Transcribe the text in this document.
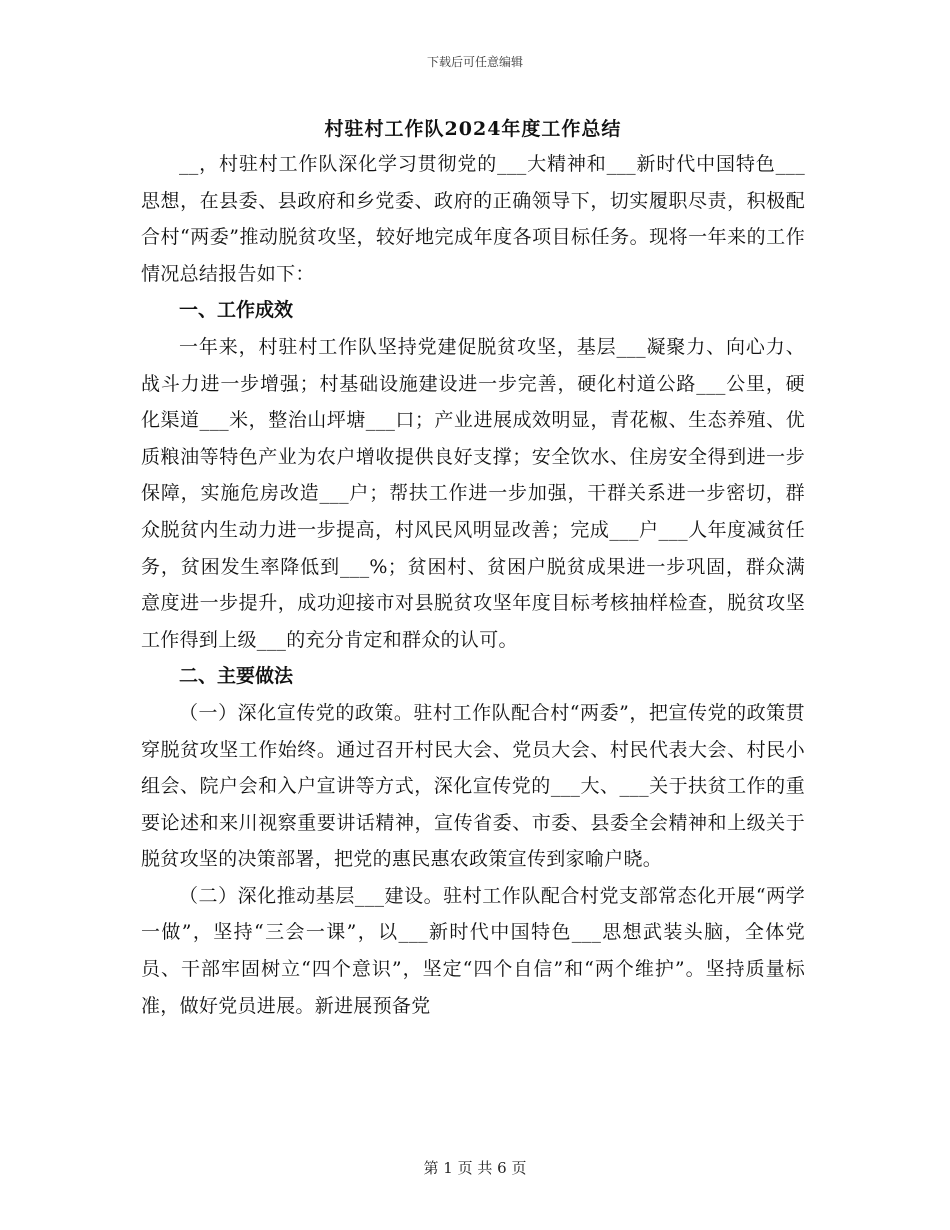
下载后可任意编辑
村驻村工作队2024年度工作总结

__，村驻村工作队深化学习贯彻党的___大精神和___新时代中国特色___思想，在县委、县政府和乡党委、政府的正确领导下，切实履职尽责，积极配合村“两委”推动脱贫攻坚，较好地完成年度各项目标任务。现将一年来的工作情况总结报告如下：

一、工作成效

一年来，村驻村工作队坚持党建促脱贫攻坚，基层___凝聚力、向心力、战斗力进一步增强；村基础设施建设进一步完善，硬化村道公路___公里，硬化渠道___米，整治山坪塘___口；产业进展成效明显，青花椒、生态养殖、优质粮油等特色产业为农户增收提供良好支撑；安全饮水、住房安全得到进一步保障，实施危房改造___户；帮扶工作进一步加强，干群关系进一步密切，群众脱贫内生动力进一步提高，村风民风明显改善；完成___户___人年度减贫任务，贫困发生率降低到___%；贫困村、贫困户脱贫成果进一步巩固，群众满意度进一步提升，成功迎接市对县脱贫攻坚年度目标考核抽样检查，脱贫攻坚工作得到上级___的充分肯定和群众的认可。

二、主要做法

（一）深化宣传党的政策。驻村工作队配合村“两委”，把宣传党的政策贯穿脱贫攻坚工作始终。通过召开村民大会、党员大会、村民代表大会、村民小组会、院户会和入户宣讲等方式，深化宣传党的___大、___关于扶贫工作的重要论述和来川视察重要讲话精神，宣传省委、市委、县委全会精神和上级关于脱贫攻坚的决策部署，把党的惠民惠农政策宣传到家喻户晓。

（二）深化推动基层___建设。驻村工作队配合村党支部常态化开展“两学一做”，坚持“三会一课”，以___新时代中国特色___思想武装头脑，全体党员、干部牢固树立“四个意识”，坚定“四个自信”和“两个维护”。坚持质量标准，做好党员进展。新进展预备党

第 1 页 共 6 页
